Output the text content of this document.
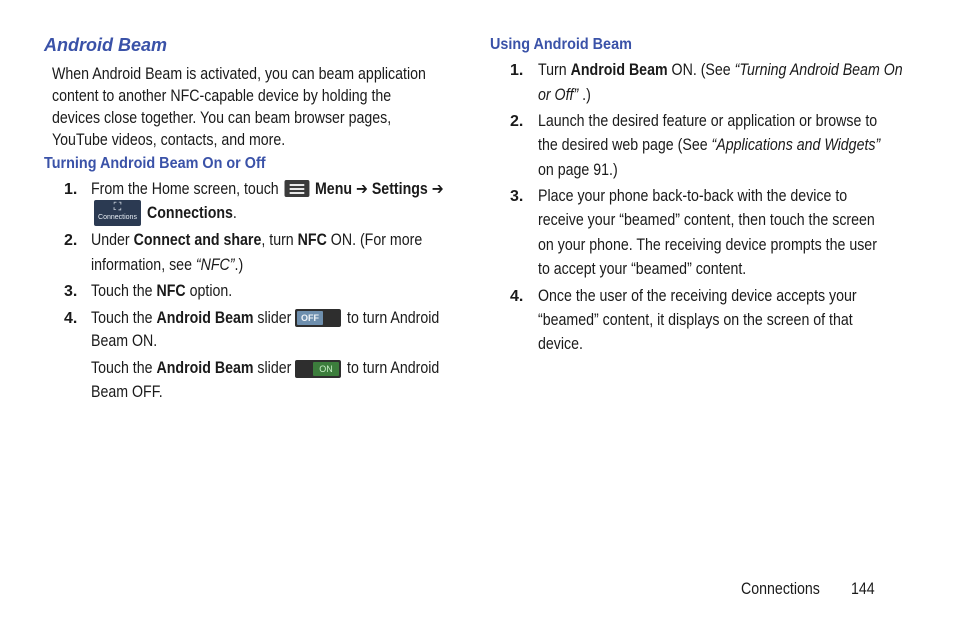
Android Beam
When Android Beam is activated, you can beam application
content to another NFC-capable device by holding the
devices close together. You can beam browser pages,
YouTube videos, contacts, and more.
Turning Android Beam On or Off
1. From the Home screen, touch Menu ➔ Settings ➔
⛶
Connections Connections.
2. Under Connect and share, turn NFC ON. (For more
information, see “NFC”.)
3. Touch the NFC option.
4. Touch the Android Beam slider	OFF to turn Android
Beam ON.
Touch the Android Beam slider	ON to turn Android
Beam OFF.
Using Android Beam
1. Turn Android Beam ON. (See “Turning Android Beam On
or Off” .)
2. Launch the desired feature or application or browse to
the desired web page (See “Applications and Widgets”
on page 91.)
3. Place your phone back-to-back with the device to
receive your “beamed” content, then touch the screen
on your phone. The receiving device prompts the user
to accept your “beamed” content.
4. Once the user of the receiving device accepts your
“beamed” content, it displays on the screen of that
device.
Connections	144
